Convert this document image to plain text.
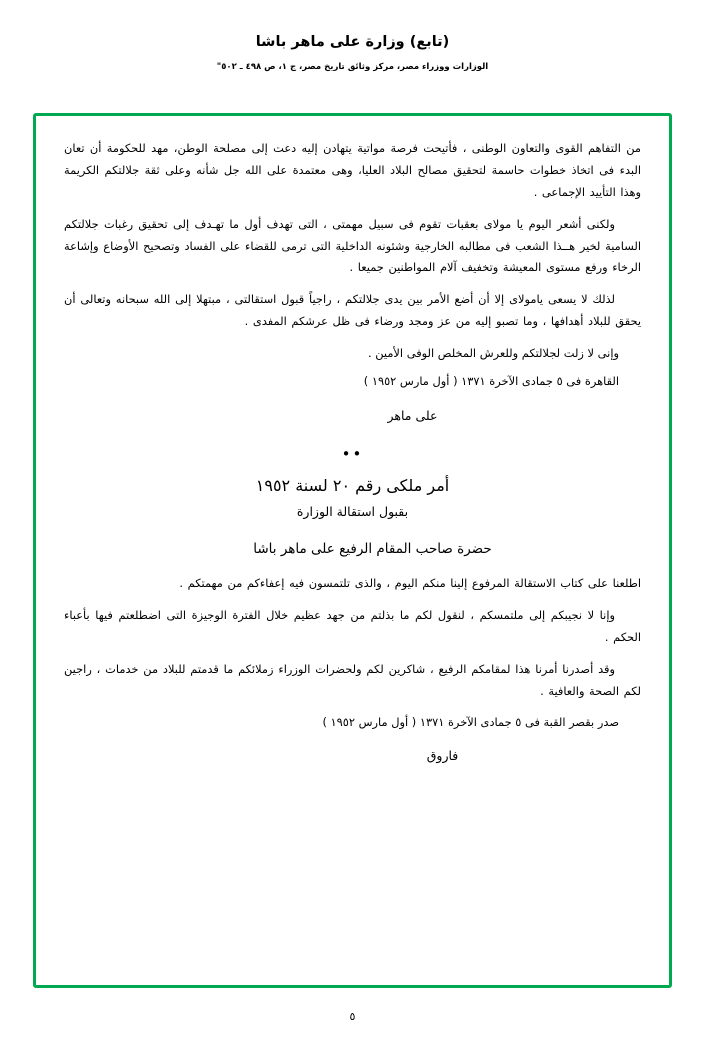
(تابع) وزارة على ماهر باشا
الوزارات ووزراء مصر، مركز وثائق تاريخ مصر، ج ١، ص ٤٩٨ ـ ٥٠٢"

من التفاهم القوى والتعاون الوطنى ، فأتيحت فرصة مواتية يتهادن إليه دعت إلى مصلحة الوطن، مهد للحكومة أن تعان البدء فى اتخاذ خطوات حاسمة لتحقيق مصالح البلاد العليا، وهى معتمدة على الله جل شأنه وعلى ثقة جلالتكم الكريمة وهذا التأييد الإجماعى .

ولكنى أشعر اليوم يا مولاى بعقبات تقوم فى سبيل مهمتى ، التى تهدف أول ما تهـدف إلى تحقيق رغبات جلالتكم السامية لخير هــذا الشعب فى مطالبه الخارجية وشئونه الداخلية التى ترمى للقضاء على الفساد وتصحيح الأوضاع وإشاعة الرخاء ورفع مستوى المعيشة وتخفيف آلام المواطنين جميعا .

لذلك لا يسعى يامولاى إلا أن أضع الأمر بين يدى جلالتكم ، راجياً قبول استقالتى ، مبتهلا إلى الله سبحانه وتعالى أن يحقق للبلاد أهدافها ، وما تصبو إليه من عز ومجد ورضاء فى ظل عرشكم المفدى .

وإنى لا زلت لجلالتكم وللعرش المخلص الوفى الأمين .

القاهرة فى ٥ جمادى الآخرة ١٣٧١ ( أول مارس ١٩٥٢ )

على ماهر

••

أمر ملكى رقم ٢٠ لسنة ١٩٥٢

بقبول استقالة الوزارة

حضرة صاحب المقام الرفيع على ماهر باشا

اطلعنا على كتاب الاستقالة المرفوع إلينا منكم اليوم ، والذى تلتمسون فيه إعفاءكم من مهمتكم .

وإنا لا نجيبكم إلى ملتمسكم ، لنقول لكم ما بذلتم من جهد عظيم خلال الفترة الوجيزة التى اضطلعتم فيها بأعباء الحكم .

وقد أصدرنا أمرنا هذا لمقامكم الرفيع ، شاكرين لكم ولحضرات الوزراء زملائكم ما قدمتم للبلاد من خدمات ، راجين لكم الصحة والعافية .

صدر بقصر القبة فى ٥ جمادى الآخرة ١٣٧١ ( أول مارس ١٩٥٢ )

فاروق

٥
